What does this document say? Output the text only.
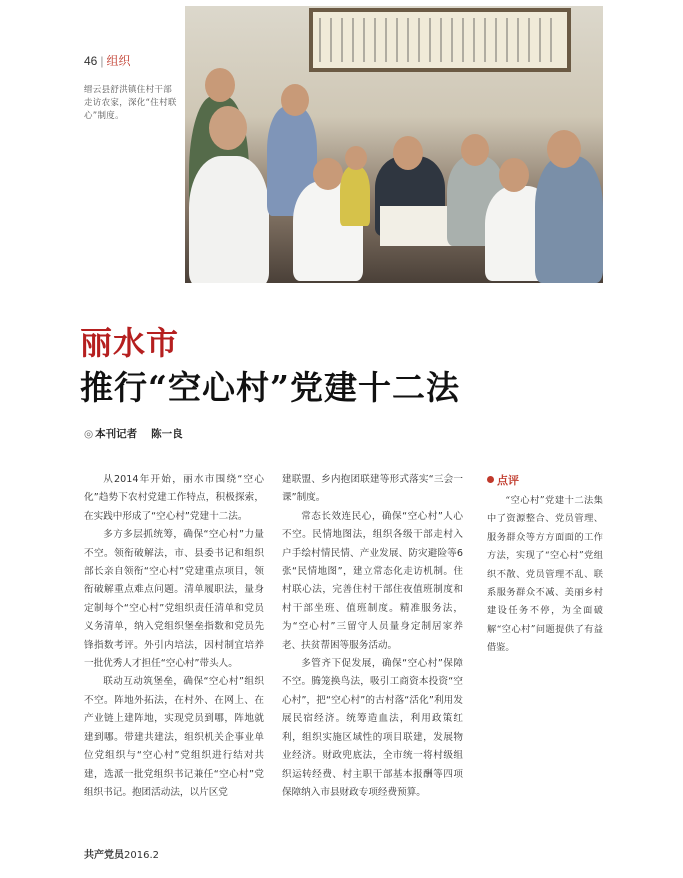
46 | 组织
缙云县舒洪镇住村干部走访农家，深化“住村联心”制度。
丽水市
推行“空心村”党建十二法
◎ 本刊记者 陈一良

从2014年开始，丽水市围绕“空心化”趋势下农村党建工作特点，积极探索，在实践中形成了“空心村”党建十二法。

多方多层抓统筹，确保“空心村”力量不空。领衔破解法，市、县委书记和组织部长亲自领衔“空心村”党建重点项目，领衔破解重点难点问题。清单履职法，量身定制每个“空心村”党组织责任清单和党员义务清单，纳入党组织堡垒指数和党员先锋指数考评。外引内培法，因村制宜培养一批优秀人才担任“空心村”带头人。

联动互动筑堡垒，确保“空心村”组织不空。阵地外拓法，在村外、在网上、在产业链上建阵地，实现党员到哪，阵地就建到哪。带建共建法，组织机关企事业单位党组织与“空心村”党组织进行结对共建，选派一批党组织书记兼任“空心村”党组织书记。抱团活动法，以片区党

建联盟、乡内抱团联建等形式落实“三会一课”制度。

常态长效连民心，确保“空心村”人心不空。民情地图法，组织各级干部走村入户手绘村情民情、产业发展、防灾避险等6张“民情地图”，建立常态化走访机制。住村联心法，完善住村干部住夜值班制度和村干部坐班、值班制度。精准服务法，为“空心村”三留守人员量身定制居家养老、扶贫帮困等服务活动。

多管齐下促发展，确保“空心村”保障不空。腾笼换鸟法，吸引工商资本投资“空心村”，把“空心村”的古村落“活化”利用发展民宿经济。统筹造血法，利用政策红利，组织实施区域性的项目联建，发展物业经济。财政兜底法，全市统一将村级组织运转经费、村主职干部基本报酬等四项保障纳入市县财政专项经费预算。

点评

“空心村”党建十二法集中了资源整合、党员管理、服务群众等方方面面的工作方法，实现了“空心村”党组织不散、党员管理不乱、联系服务群众不减、美丽乡村建设任务不停，为全面破解“空心村”问题提供了有益借鉴。

共产党员2016.2
